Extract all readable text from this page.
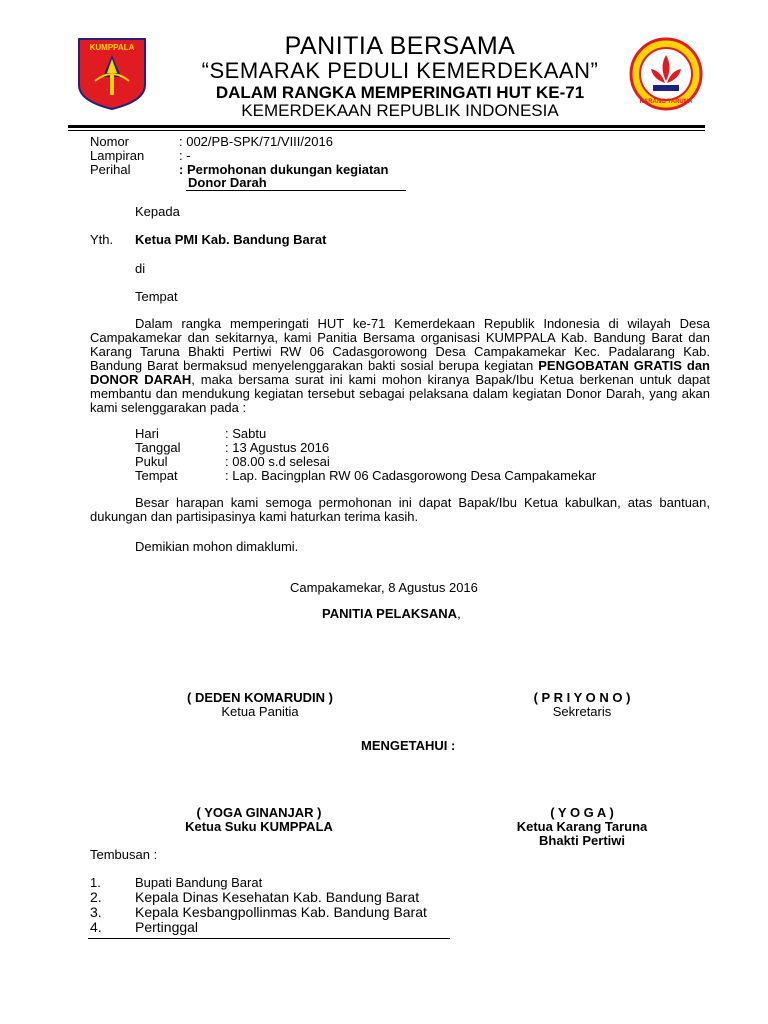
KUMPPALA
KARANG TARUNA
PANITIA BERSAMA
“SEMARAK PEDULI KEMERDEKAAN”
DALAM RANGKA MEMPERINGATI HUT KE-71
KEMERDEKAAN REPUBLIK INDONESIA
Nomor	: 002/PB-SPK/71/VIII/2016
Lampiran	: -
Perihal	: Permohonan dukungan kegiatan
Donor Darah
Kepada
Yth. Ketua PMI Kab. Bandung Barat
di
Tempat
Dalam rangka memperingati HUT ke-71 Kemerdekaan Republik Indonesia di wilayah Desa Campakamekar dan sekitarnya, kami Panitia Bersama organisasi KUMPPALA Kab. Bandung Barat dan Karang Taruna Bhakti Pertiwi RW 06 Cadasgorowong Desa Campakamekar Kec. Padalarang Kab. Bandung Barat bermaksud menyelenggarakan bakti sosial berupa kegiatan PENGOBATAN GRATIS dan DONOR DARAH, maka bersama surat ini kami mohon kiranya Bapak/Ibu Ketua berkenan untuk dapat membantu dan mendukung kegiatan tersebut sebagai pelaksana dalam kegiatan Donor Darah, yang akan kami selenggarakan pada :
Hari	: Sabtu
Tanggal	: 13 Agustus 2016
Pukul	: 08.00 s.d selesai
Tempat	: Lap. Bacingplan RW 06 Cadasgorowong Desa Campakamekar
Besar harapan kami semoga permohonan ini dapat Bapak/Ibu Ketua kabulkan, atas bantuan, dukungan dan partisipasinya kami haturkan terima kasih.
Demikian mohon dimaklumi.
Campakamekar, 8 Agustus 2016
PANITIA PELAKSANA,
( DEDEN KOMARUDIN )
Ketua Panitia
( P R I Y O N O )
Sekretaris
MENGETAHUI :
( YOGA GINANJAR )
Ketua Suku KUMPPALA
( Y O G A )
Ketua Karang Taruna
Bhakti Pertiwi
Tembusan :
1.	Bupati Bandung Barat
2. Kepala Dinas Kesehatan Kab. Bandung Barat
3. Kepala Kesbangpollinmas Kab. Bandung Barat
4. Pertinggal
